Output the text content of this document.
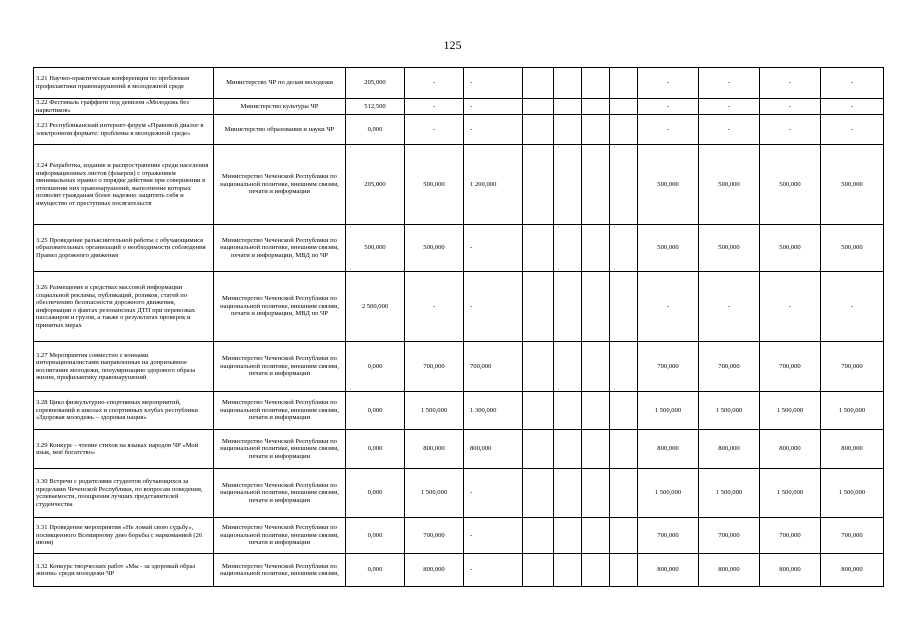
125
3.21 Научно-практическая конференция по проблемам профилактики правонарушений в молодежной среде	Министерство ЧР по делам молодежи	205,000	-	-					-	-	-	-
3.22 Фестиваль граффити под девизом «Молодежь без наркотиков»	Министерство культуры ЧР	512,500	-	-					-	-	-	-
3.23 Республиканский интернет-форум «Правовой диалог в электронном формате: проблемы в молодежной среде»	Министерство образования и науки ЧР	0,000	-	-					-	-	-	-
3.24 Разработка, издание и распространение среди населения информационных листов (флаеров) с отражением минимальных правил о порядке действия при совершении в отношении них правонарушений, выполнение которых позволит гражданам более надежно защитить себя и имущество от преступных посягательств	Министерство Чеченской Республики по национальной политике, внешним связям, печати и информации	205,000	500,000	1 200,000					500,000	500,000	500,000	500,000
3.25 Проведение разъяснительной работы с обучающимися образовательных организаций о необходимости соблюдения Правил дорожного движения	Министерство Чеченской Республики по национальной политике, внешним связям, печати и информации, МВД по ЧР	500,000	500,000	-					500,000	500,000	500,000	500,000
3.26 Размещение в средствах массовой информации социальной рекламы, публикаций, роликов, статей по обеспечению безопасности дорожного движения, информации о фактах резонансных ДТП при перевозках пассажиров и грузов, а также о результатах проверок и принятых мерах	Министерство Чеченской Республики по национальной политике, внешним связям, печати и информации, МВД по ЧР	2 500,000	-	-					-	-	-	-
3.27 Мероприятия совместно с воинами интернационалистами направленные на допризывное воспитание молодежи, популяризацию здорового образа жизни, профилактику правонарушений	Министерство Чеченской Республики по национальной политике, внешним связям, печати и информации	0,000	700,000	700,000					700,000	700,000	700,000	700,000
3.28 Цикл физкультурно-спортивных мероприятий, соревнований в школах и спортивных клубах республики «Здоровая молодежь – здоровая нация»	Министерство Чеченской Республики по национальной политике, внешним связям, печати и информации	0,000	1 500,000	1 300,000					1 500,000	1 500,000	1 500,000	1 500,000
3.29 Конкурс - чтение стихов на языках народов ЧР «Мой язык, моё богатство»	Министерство Чеченской Республики по национальной политике, внешним связям, печати и информации	0,000	800,000	800,000					800,000	800,000	800,000	800,000
3.30 Встречи с родителями студентов обучающихся за пределами Чеченской Республики, по вопросам поведения, успеваемости, поощрения лучших представителей студенчества	Министерство Чеченской Республики по национальной политике, внешним связям, печати и информации	0,000	1 500,000	-					1 500,000	1 500,000	1 500,000	1 500,000
3.31 Проведение мероприятия «Не ломай свою судьбу», посвященного Всемирному дню борьбы с наркоманией (26 июня)	Министерство Чеченской Республики по национальной политике, внешним связям, печати и информации	0,000	700,000	-					700,000	700,000	700,000	700,000
3.32 Конкурс творческих работ «Мы - за здоровый образ жизни» среди молодежи ЧР	Министерство Чеченской Республики по национальной политике, внешним связям,	0,000	800,000	-					800,000	800,000	800,000	800,000
